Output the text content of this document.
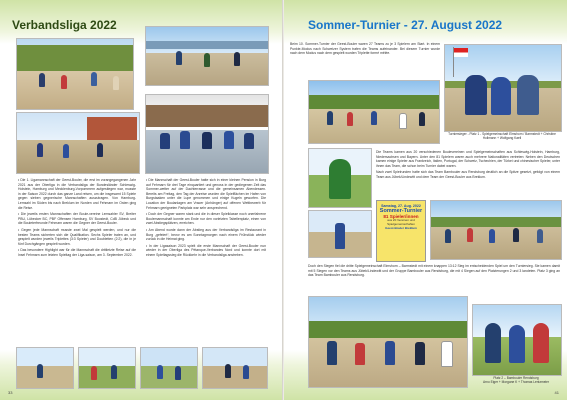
Verbandsliga 2022

• Die 1. Ligamannschaft der Geest-Bouler, die erst im vorangegangenen Jahr 2021 aus der Oberliga in die Verbandsliga der Bundesländer Schleswig-Holstein, Hamburg und Mecklenburg-Vorpommern aufgestiegen war, musste in der Saison 2022 durch das ganze Land reisen, um die insgesamt 15 Spiele gegen sieben gegnerische Mannschaften auszutragen. Von Hamburg-Lemsahl im Süden bis nach Breklum im Norden und Fehmarn im Osten ging die Reise.

• Die jeweils ersten Mannschaften der Boule-vereine Lemsahler SV, Breiter PBU, Lübecker BC, PBF Offensen Hamburg, SV Boostedt, CdB Jübeck und die Bouleterfreunde Fehmarn waren die Gegner der Geest-Bouler.

• Gegen jede Mannschaft musste zwei Mal gespielt werden, und nur die besten Teams sicherten sich die Qualifikation. Sechs Spieler traten an, und gespielt wurden jeweils Triplettes (3:3 Spieler) und Doubletten (2:2), die in je fünf Durchgängen gespielt wurden.

• Das besondere Highlight war für die Mannschaft die drittletzte Reise auf die Insel Fehmarn zum letzten Spieltag der Liga-saison, am 3. September 2022.

• Die Mannschaft der Geest-Bouler hatte sich in einer kleinen Pension in Burg auf Fehmarn für drei Tage einquartiert und genoss in der gediegenen Zeit das Sommer-wetter auf der Dachterrasse und die gemeinsamen Abendessen. Bereits am Freitag, den Tag der Anreise wurden die Spielflächen im Hafen von Burgstaaken unter die Lupe genommen und einige Kugeln geworfen. Die Location der Boulanlagen am Vracer (Anhänger) auf offenen Wettbewerb für Fehmarn geeigneten Parkplatz war sehr ansprechend.

• Doch der Gegner waren stark und die in dieser Spielklasse noch unerfahrene Boulemannschaft konnte am Ende nur den vorletzten Tabellenplatz, einen von zwei Abstiegsplätzen, erreichen.

• Am Abend wurde dann der Abstieg aus der Verbandsliga im Restaurant in Burg „gefeiert“, bevor es am Sonntagmorgen nach einem Frühstück wieder zurück in die Heimat ging.

• In der Ligasaison 2023 spielt die erste Mannschaft der Geest-Bouler nun wieder in der Oberliga des Pétanque-Verbandes Nord und konnte dort mit einem Spieltagssieg die Rückkehr in die Verbandsliga anstreben.

33
Sommer-Turnier - 27. August 2022

Beim 10. Sommer-Turnier der Geest-Bouler waren 27 Teams zu je 3 Spielern am Start. In einem Punkte-Modus nach Schweizer System trafen die Teams aufeinander. Bei diesem Turnier wurde nach dem Modus nach dem gespielt wurden Triplette formé mêlée.

Turniersieger - Platz 1 - Spielgemeinschaft Elmshorn / Barmstedt + Christine Hollmann + Wolfgang Kaell

Die Teams kamen aus 20 verschiedenen Boulevereinen und Spielgemeinschaften aus Schleswig-Holstein, Hamburg, Niedersachsen und Bayern. Unter den 81 Spielern waren auch mehrere Nationalitäten vertreten: Neben den Deutschen kamen einige Spieler aus Frankreich, Italien, Portugal, der Schweiz, Tschechien, der Türkei und chinesischer Spieler, unter ihnen das Team, die schon beim Turnier dabei waren.

Nach zwei Spielrunden hatte sich das Team Bambouler aus Rendsburg deutlich an die Spitze gesetzt, gefolgt von einem Team aus Jübek/Lindewitt und dem Team der Geest-Bouler aus Breklum.

Samstag, 27. Aug. 2022
Sommer-Turnier
81 Spieler/innen
aus 20 Vereinen und Spielgemeinschaften
Geest-Bouler Breklum

Doch den Siegen fiel die dritte Spielgemeinschaft Elmshorn – Barmstedt mit einem knappen 13:12 Sieg im entscheidenden Spiel um den Turniersieg. Sie kamen damit mit 5 Siegen vor den Teams aus Jübek/Lindewitt und der Gruppe Bambouler aus Rendsburg, die mit 4 Siegen auf den Platzierungen 2 und 3 landeten. Platz 3 ging an das Team Bambouler aus Rendsburg.

Platz 2 – Bambouler Rendsburg
Arno Eiger + Morgane K + Thomas Lentzmeier
41
